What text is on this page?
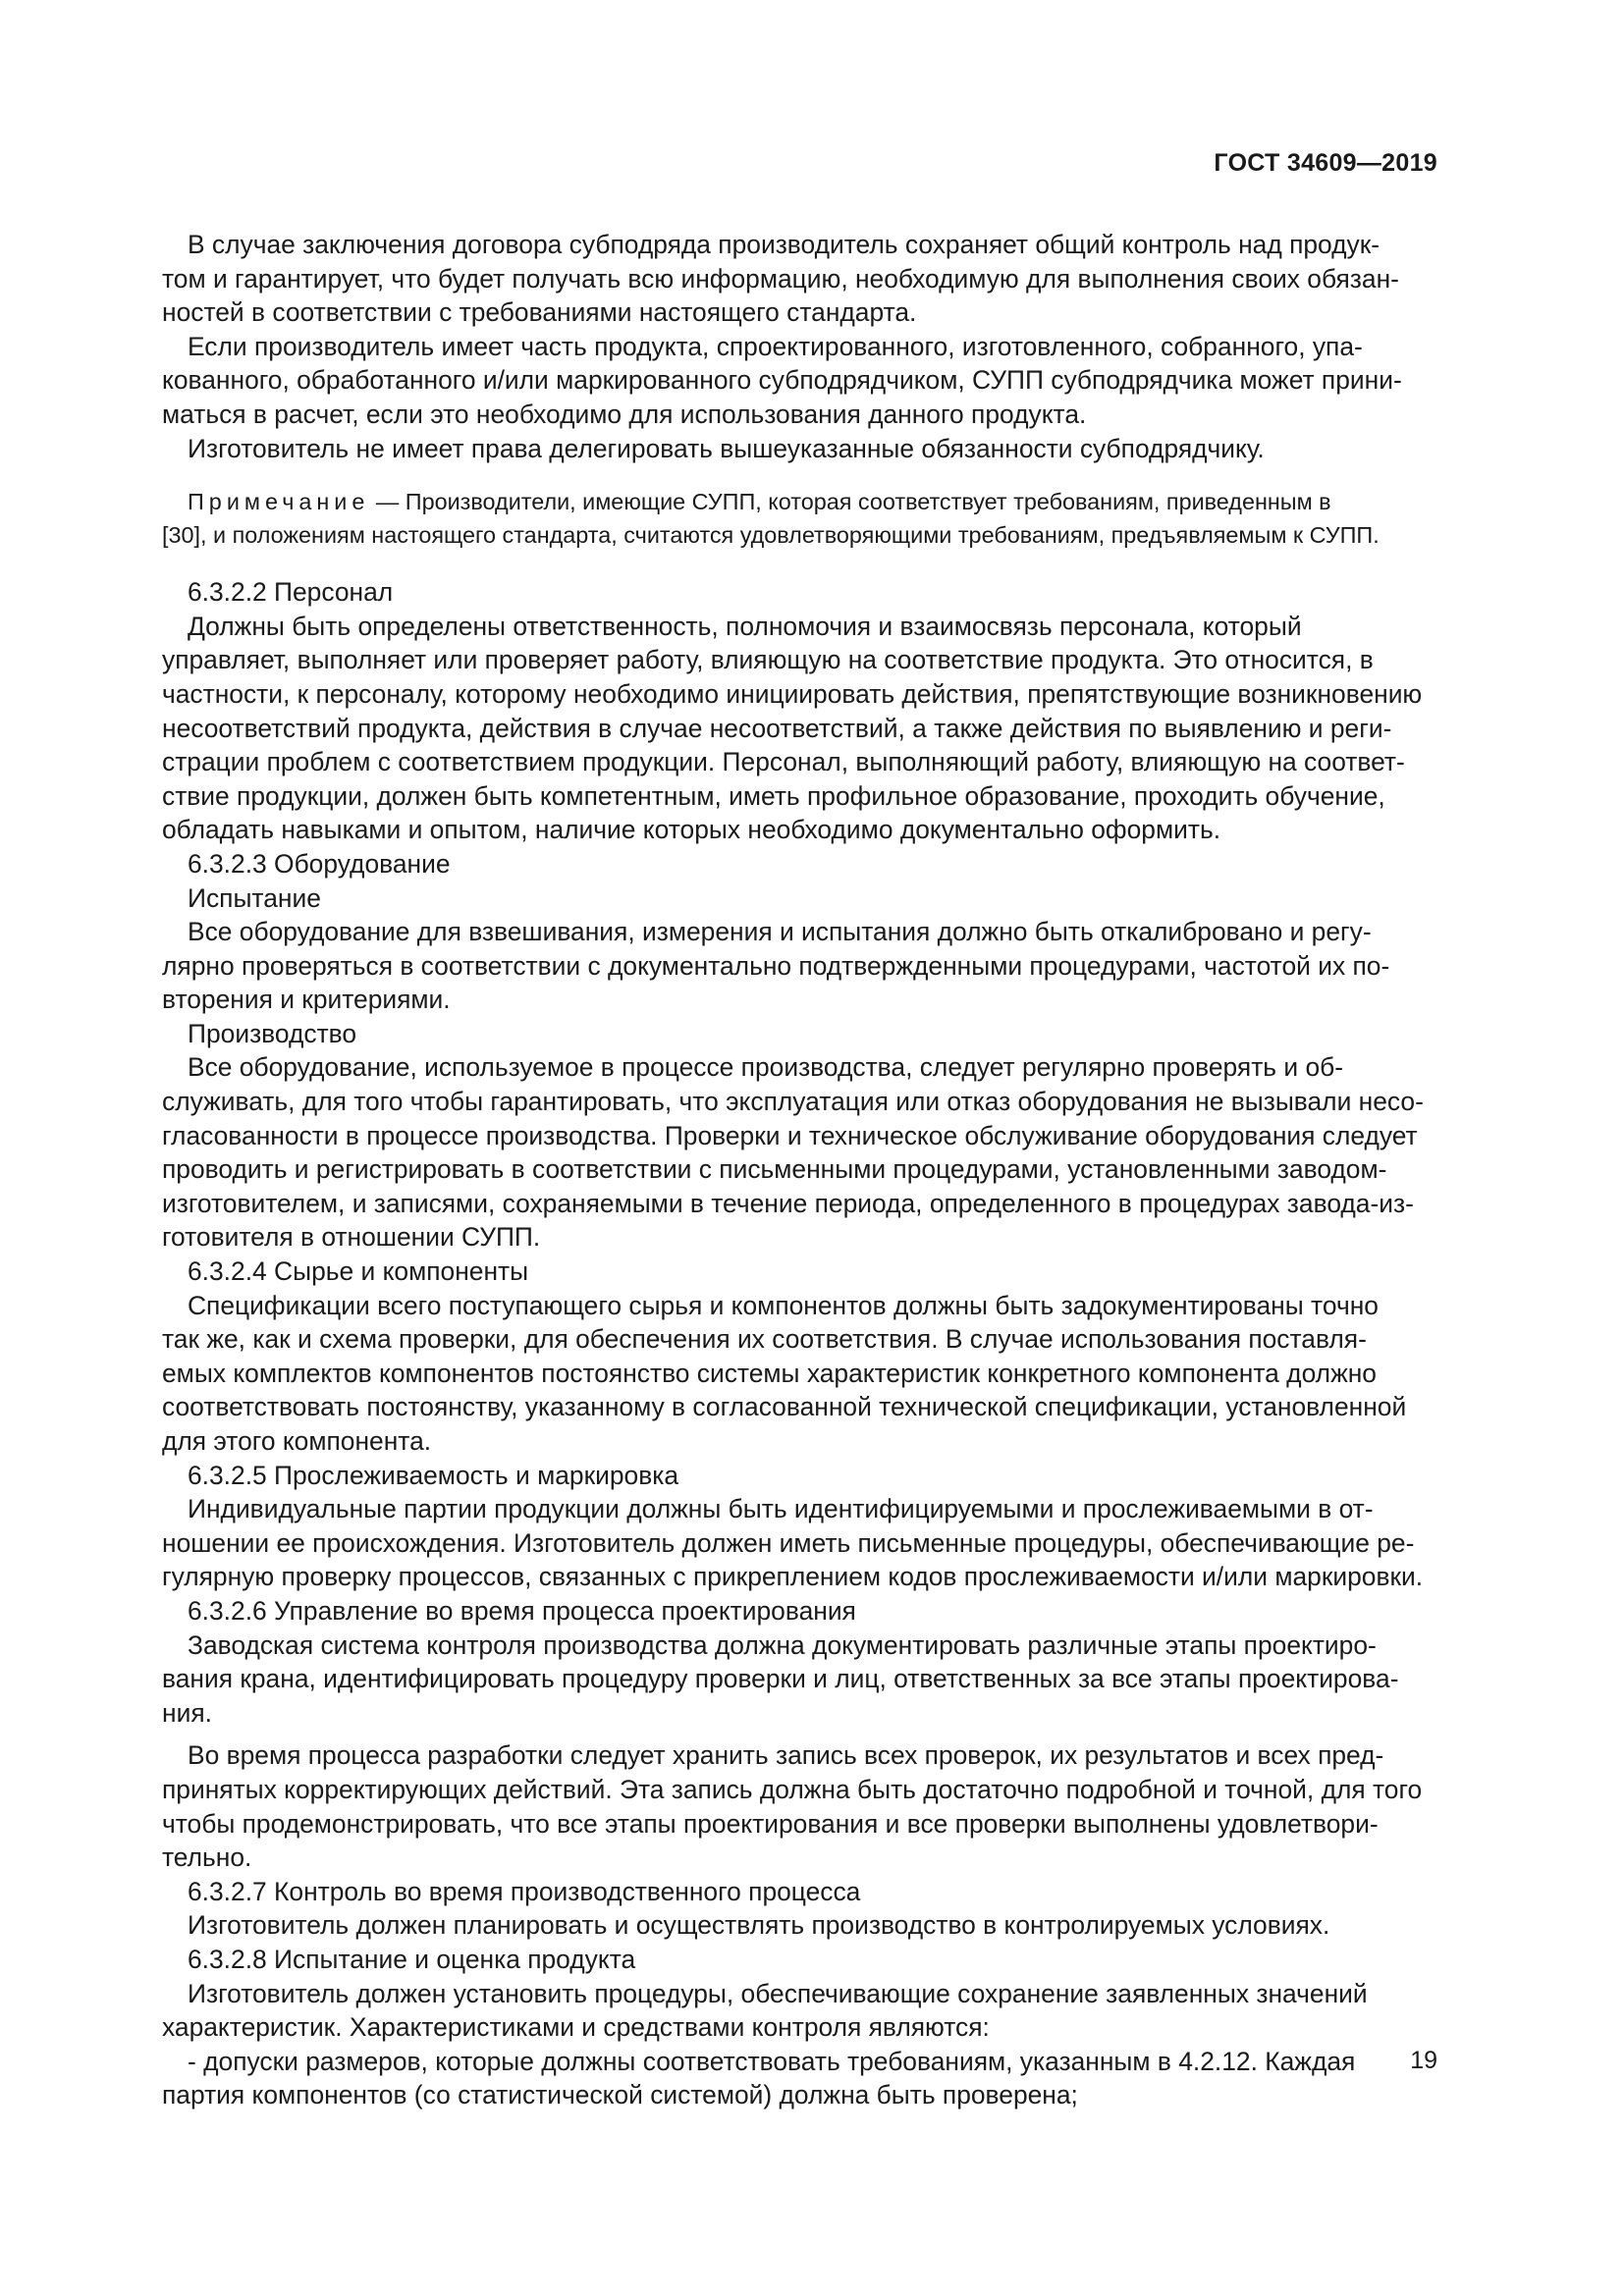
ГОСТ 34609—2019

В случае заключения договора субподряда производитель сохраняет общий контроль над продук-
том и гарантирует, что будет получать всю информацию, необходимую для выполнения своих обязан-
ностей в соответствии с требованиями настоящего стандарта.

Если производитель имеет часть продукта, спроектированного, изготовленного, собранного, упа-
кованного, обработанного и/или маркированного субподрядчиком, СУПП субподрядчика может прини-
маться в расчет, если это необходимо для использования данного продукта.

Изготовитель не имеет права делегировать вышеуказанные обязанности субподрядчику.

Примечание — Производители, имеющие СУПП, которая соответствует требованиям, приведенным в
[30], и положениям настоящего стандарта, считаются удовлетворяющими требованиям, предъявляемым к СУПП.

6.3.2.2 Персонал

Должны быть определены ответственность, полномочия и взаимосвязь персонала, который
управляет, выполняет или проверяет работу, влияющую на соответствие продукта. Это относится, в
частности, к персоналу, которому необходимо инициировать действия, препятствующие возникновению
несоответствий продукта, действия в случае несоответствий, а также действия по выявлению и реги-
страции проблем с соответствием продукции. Персонал, выполняющий работу, влияющую на соответ-
ствие продукции, должен быть компетентным, иметь профильное образование, проходить обучение,
обладать навыками и опытом, наличие которых необходимо документально оформить.

6.3.2.3 Оборудование

Испытание

Все оборудование для взвешивания, измерения и испытания должно быть откалибровано и регу-
лярно проверяться в соответствии с документально подтвержденными процедурами, частотой их по-
вторения и критериями.

Производство

Все оборудование, используемое в процессе производства, следует регулярно проверять и об-
служивать, для того чтобы гарантировать, что эксплуатация или отказ оборудования не вызывали несо-
гласованности в процессе производства. Проверки и техническое обслуживание оборудования следует
проводить и регистрировать в соответствии с письменными процедурами, установленными заводом-
изготовителем, и записями, сохраняемыми в течение периода, определенного в процедурах завода-из-
готовителя в отношении СУПП.

6.3.2.4 Сырье и компоненты

Спецификации всего поступающего сырья и компонентов должны быть задокументированы точно
так же, как и схема проверки, для обеспечения их соответствия. В случае использования поставля-
емых комплектов компонентов постоянство системы характеристик конкретного компонента должно
соответствовать постоянству, указанному в согласованной технической спецификации, установленной
для этого компонента.

6.3.2.5 Прослеживаемость и маркировка

Индивидуальные партии продукции должны быть идентифицируемыми и прослеживаемыми в от-
ношении ее происхождения. Изготовитель должен иметь письменные процедуры, обеспечивающие ре-
гулярную проверку процессов, связанных с прикреплением кодов прослеживаемости и/или маркировки.

6.3.2.6 Управление во время процесса проектирования

Заводская система контроля производства должна документировать различные этапы проектиро-
вания крана, идентифицировать процедуру проверки и лиц, ответственных за все этапы проектирова-
ния.

Во время процесса разработки следует хранить запись всех проверок, их результатов и всех пред-
принятых корректирующих действий. Эта запись должна быть достаточно подробной и точной, для того
чтобы продемонстрировать, что все этапы проектирования и все проверки выполнены удовлетвори-
тельно.

6.3.2.7 Контроль во время производственного процесса

Изготовитель должен планировать и осуществлять производство в контролируемых условиях.

6.3.2.8 Испытание и оценка продукта

Изготовитель должен установить процедуры, обеспечивающие сохранение заявленных значений
характеристик. Характеристиками и средствами контроля являются:

- допуски размеров, которые должны соответствовать требованиям, указанным в 4.2.12. Каждая
партия компонентов (со статистической системой) должна быть проверена;

19
